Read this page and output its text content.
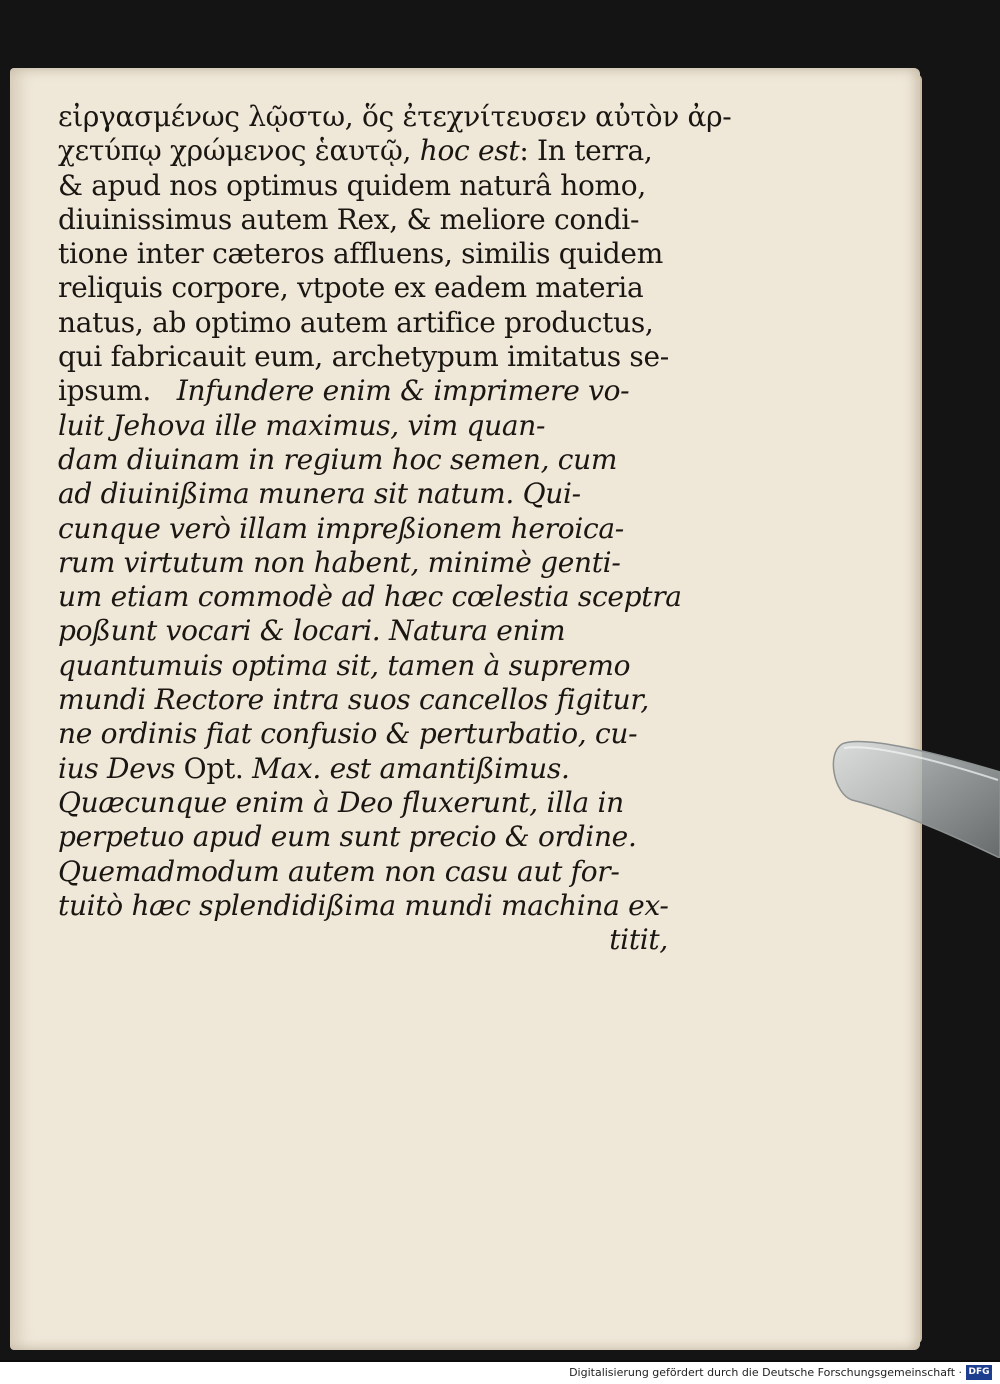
εἰργασμένως λῷστω, ὅς ἐτεχνίτευσεν αὐτὸν ἀρ-
χετύπῳ χρώμενος ἑαυτῷ, hoc est: In terra,
& apud nos optimus quidem naturâ homo,
diuinissimus autem Rex, & meliore condi-
tione inter cæteros affluens, similis quidem
reliquis corpore, vtpote ex eadem materia
natus, ab optimo autem artifice productus,
qui fabricauit eum, archetypum imitatus se-
ipsum.   Infundere enim & imprimere vo-
luit Jehova ille maximus, vim quan-
dam diuinam in regium hoc semen, cum
ad diuinißima munera sit natum. Qui-
cunque verò illam impreßionem heroica-
rum virtutum non habent, minimè genti-
um etiam commodè ad hæc cœlestia sceptra
poßunt vocari & locari. Natura enim
quantumuis optima sit, tamen à supremo
mundi Rectore intra suos cancellos figitur,
ne ordinis fiat confusio & perturbatio, cu-
ius Devs Opt. Max. est amantißimus.
Quæcunque enim à Deo fluxerunt, illa in
perpetuo apud eum sunt precio & ordine.
Quemadmodum autem non casu aut for-
tuitò hæc splendidißima mundi machina ex-
titit,
Digitalisierung gefördert durch die Deutsche Forschungsgemeinschaft · DFG
